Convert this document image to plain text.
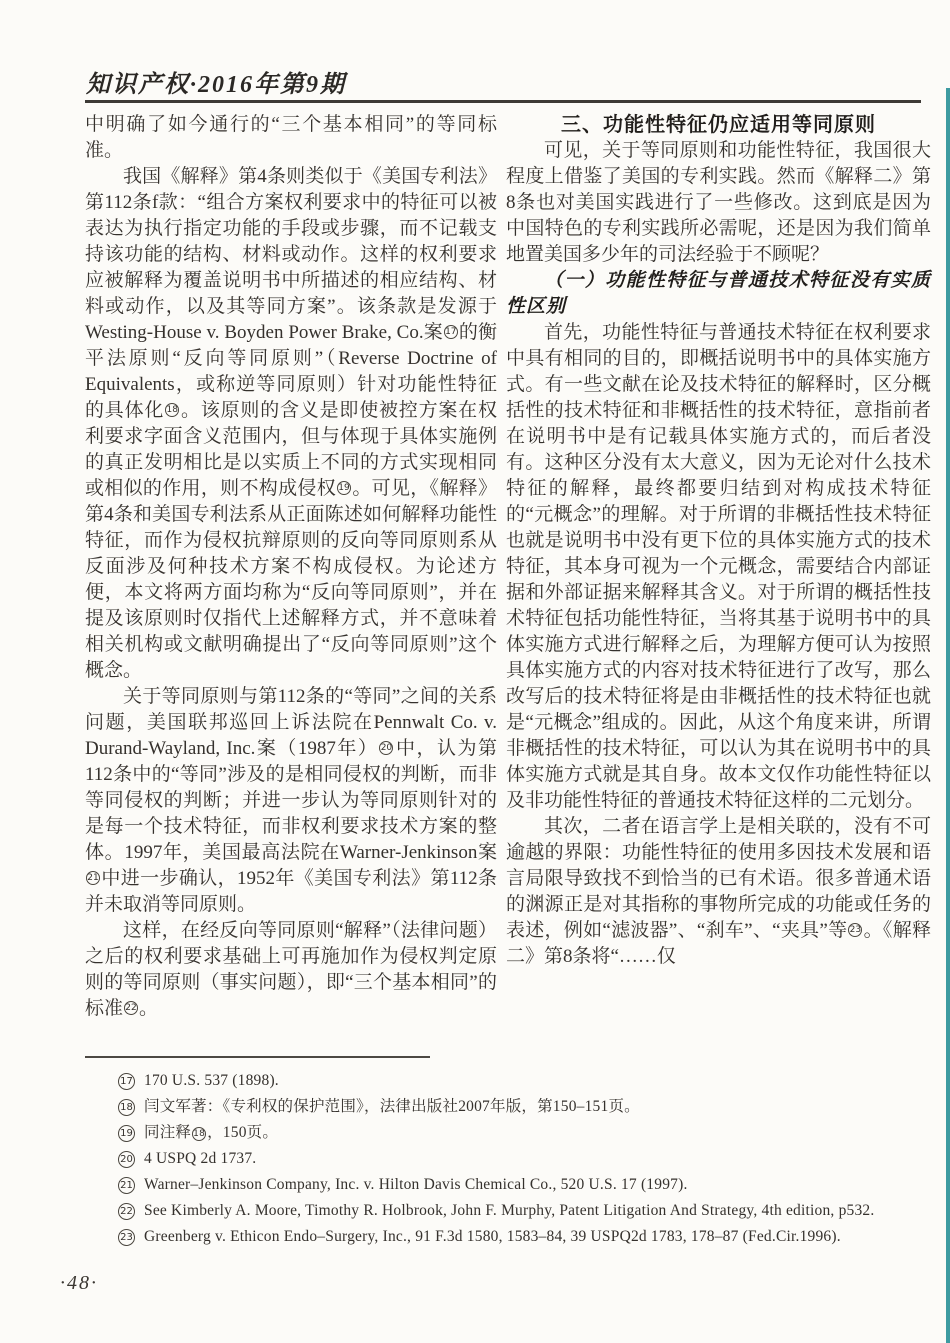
知识产权·2016年第9期

中明确了如今通行的“三个基本相同”的等同标准。

我国《解释》第4条则类似于《美国专利法》第112条f款：“组合方案权利要求中的特征可以被表达为执行指定功能的手段或步骤，而不记载支持该功能的结构、材料或动作。这样的权利要求应被解释为覆盖说明书中所描述的相应结构、材料或动作，以及其等同方案”。该条款是发源于Westing-House v. Boyden Power Brake, Co.案 17 的衡平法原则“反向等同原则”（Reverse Doctrine of Equivalents，或称逆等同原则）针对功能性特征的具体化 18 。该原则的含义是即使被控方案在权利要求字面含义范围内，但与体现于具体实施例的真正发明相比是以实质上不同的方式实现相同或相似的作用，则不构成侵权 19 。可见，《解释》第4条和美国专利法系从正面陈述如何解释功能性特征，而作为侵权抗辩原则的反向等同原则系从反面涉及何种技术方案不构成侵权。为论述方便，本文将两方面均称为“反向等同原则”，并在提及该原则时仅指代上述解释方式，并不意味着相关机构或文献明确提出了“反向等同原则”这个概念。

关于等同原则与第112条的“等同”之间的关系问题，美国联邦巡回上诉法院在Pennwalt Co. v. Durand-Wayland, Inc.案（1987年） 20 中，认为第112条中的“等同”涉及的是相同侵权的判断，而非等同侵权的判断；并进一步认为等同原则针对的是每一个技术特征，而非权利要求技术方案的整体。1997年，美国最高法院在Warner-Jenkinson案21 中进一步确认，1952年《美国专利法》第112条并未取消等同原则。

这样，在经反向等同原则“解释”（法律问题）之后的权利要求基础上可再施加作为侵权判定原则的等同原则（事实问题），即“三个基本相同”的标准 22 。

三、功能性特征仍应适用等同原则

可见，关于等同原则和功能性特征，我国很大程度上借鉴了美国的专利实践。然而《解释二》第8条也对美国实践进行了一些修改。这到底是因为中国特色的专利实践所必需呢，还是因为我们简单地置美国多少年的司法经验于不顾呢？

（一）功能性特征与普通技术特征没有实质性区别

首先，功能性特征与普通技术特征在权利要求中具有相同的目的，即概括说明书中的具体实施方式。有一些文献在论及技术特征的解释时，区分概括性的技术特征和非概括性的技术特征，意指前者在说明书中是有记载具体实施方式的，而后者没有。这种区分没有太大意义，因为无论对什么技术特征的解释，最终都要归结到对构成技术特征的“元概念”的理解。对于所谓的非概括性技术特征也就是说明书中没有更下位的具体实施方式的技术特征，其本身可视为一个元概念，需要结合内部证据和外部证据来解释其含义。对于所谓的概括性技术特征包括功能性特征，当将其基于说明书中的具体实施方式进行解释之后，为理解方便可认为按照具体实施方式的内容对技术特征进行了改写，那么改写后的技术特征将是由非概括性的技术特征也就是“元概念”组成的。因此，从这个角度来讲，所谓非概括性的技术特征，可以认为其在说明书中的具体实施方式就是其自身。故本文仅作功能性特征以及非功能性特征的普通技术特征这样的二元划分。

其次，二者在语言学上是相关联的，没有不可逾越的界限：功能性特征的使用多因技术发展和语言局限导致找不到恰当的已有术语。很多普通术语的渊源正是对其指称的事物所完成的功能或任务的表述，例如“滤波器”、“刹车”、“夹具”等 23 。《解释二》第8条将“……仅

17 170 U.S. 537 (1898).
18 闫文军著：《专利权的保护范围》，法律出版社2007年版，第150–151页。
19 同注释 18 ，150页。
20 4 USPQ 2d 1737.
21 Warner–Jenkinson Company, Inc. v. Hilton Davis Chemical Co., 520 U.S. 17 (1997).
22 See Kimberly A. Moore, Timothy R. Holbrook, John F. Murphy, Patent Litigation And Strategy, 4th edition, p532.
23 Greenberg v. Ethicon Endo–Surgery, Inc., 91 F.3d 1580, 1583–84, 39 USPQ2d 1783, 178–87 (Fed.Cir.1996).
·48·
